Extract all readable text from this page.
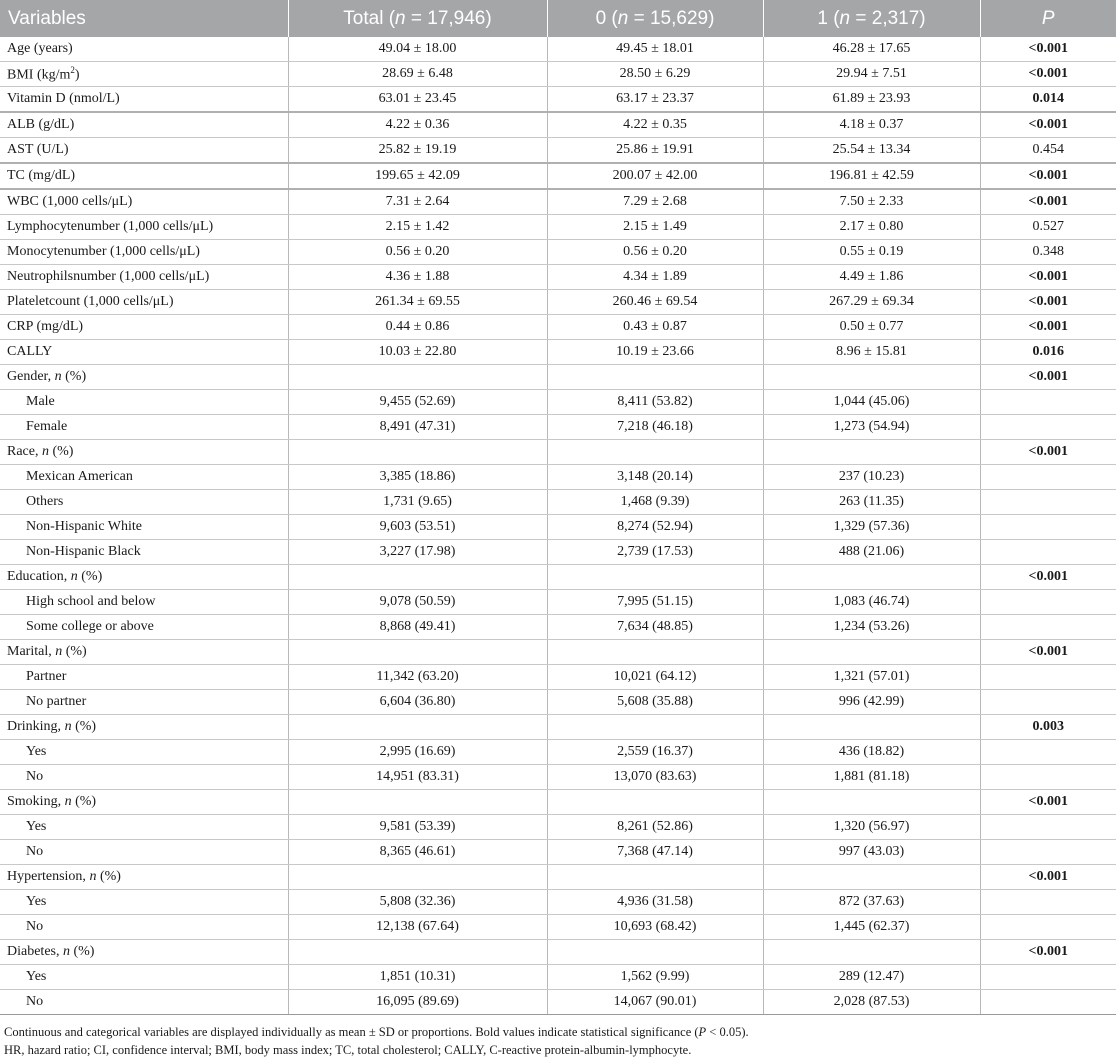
Variables	Total (n = 17,946)	0 (n = 15,629)	1 (n = 2,317)	P
Age (years)	49.04 ± 18.00	49.45 ± 18.01	46.28 ± 17.65	<0.001
BMI $(kg/m^2)$	28.69 ± 6.48	28.50 ± 6.29	29.94 ± 7.51	<0.001
Vitamin D (nmol/L)	63.01 ± 23.45	63.17 ± 23.37	61.89 ± 23.93	0.014
ALB (g/dL)	4.22 ± 0.36	4.22 ± 0.35	4.18 ± 0.37	<0.001
AST (U/L)	25.82 ± 19.19	25.86 ± 19.91	25.54 ± 13.34	0.454
TC (mg/dL)	199.65 ± 42.09	200.07 ± 42.00	196.81 ± 42.59	<0.001
WBC (1,000 cells/μL)	7.31 ± 2.64	7.29 ± 2.68	7.50 ± 2.33	<0.001
Lymphocytenumber (1,000 cells/μL)	2.15 ± 1.42	2.15 ± 1.49	2.17 ± 0.80	0.527
Monocytenumber (1,000 cells/μL)	0.56 ± 0.20	0.56 ± 0.20	0.55 ± 0.19	0.348
Neutrophilsnumber (1,000 cells/μL)	4.36 ± 1.88	4.34 ± 1.89	4.49 ± 1.86	<0.001
Plateletcount (1,000 cells/μL)	261.34 ± 69.55	260.46 ± 69.54	267.29 ± 69.34	<0.001
CRP (mg/dL)	0.44 ± 0.86	0.43 ± 0.87	0.50 ± 0.77	<0.001
CALLY	10.03 ± 22.80	10.19 ± 23.66	8.96 ± 15.81	0.016
Gender, n (%)				<0.001
Male	9,455 (52.69)	8,411 (53.82)	1,044 (45.06)	
Female	8,491 (47.31)	7,218 (46.18)	1,273 (54.94)	
Race, n (%)				<0.001
Mexican American	3,385 (18.86)	3,148 (20.14)	237 (10.23)	
Others	1,731 (9.65)	1,468 (9.39)	263 (11.35)	
Non-Hispanic White	9,603 (53.51)	8,274 (52.94)	1,329 (57.36)	
Non-Hispanic Black	3,227 (17.98)	2,739 (17.53)	488 (21.06)	
Education, n (%)				<0.001
High school and below	9,078 (50.59)	7,995 (51.15)	1,083 (46.74)	
Some college or above	8,868 (49.41)	7,634 (48.85)	1,234 (53.26)	
Marital, n (%)				<0.001
Partner	11,342 (63.20)	10,021 (64.12)	1,321 (57.01)	
No partner	6,604 (36.80)	5,608 (35.88)	996 (42.99)	
Drinking, n (%)				0.003
Yes	2,995 (16.69)	2,559 (16.37)	436 (18.82)	
No	14,951 (83.31)	13,070 (83.63)	1,881 (81.18)	
Smoking, n (%)				<0.001
Yes	9,581 (53.39)	8,261 (52.86)	1,320 (56.97)	
No	8,365 (46.61)	7,368 (47.14)	997 (43.03)	
Hypertension, n (%)				<0.001
Yes	5,808 (32.36)	4,936 (31.58)	872 (37.63)	
No	12,138 (67.64)	10,693 (68.42)	1,445 (62.37)	
Diabetes, n (%)				<0.001
Yes	1,851 (10.31)	1,562 (9.99)	289 (12.47)	
No	16,095 (89.69)	14,067 (90.01)	2,028 (87.53)	

Continuous and categorical variables are displayed individually as mean ± SD or proportions. Bold values indicate statistical significance (P < 0.05).

HR, hazard ratio; CI, confidence interval; BMI, body mass index; TC, total cholesterol; CALLY, C-reactive protein-albumin-lymphocyte.
